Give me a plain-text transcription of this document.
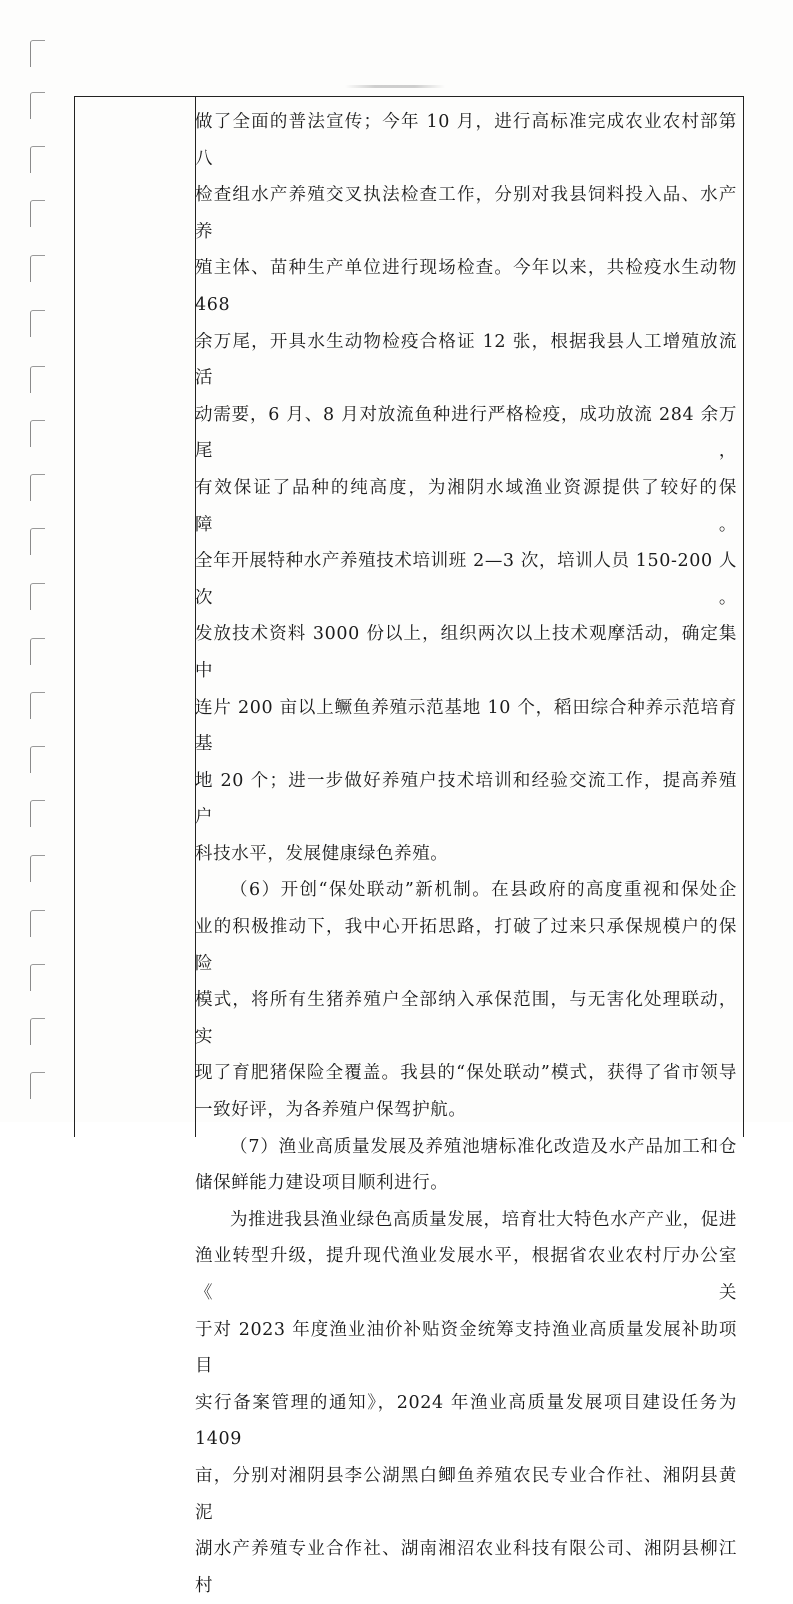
做了全面的普法宣传；今年 10 月，进行高标准完成农业农村部第八

检查组水产养殖交叉执法检查工作，分别对我县饲料投入品、水产养

殖主体、苗种生产单位进行现场检查。今年以来，共检疫水生动物 468

余万尾，开具水生动物检疫合格证 12 张，根据我县人工增殖放流活

动需要，6 月、8 月对放流鱼种进行严格检疫，成功放流 284 余万尾，

有效保证了品种的纯高度，为湘阴水域渔业资源提供了较好的保障。

全年开展特种水产养殖技术培训班 2—3 次，培训人员 150-200 人次。

发放技术资料 3000 份以上，组织两次以上技术观摩活动，确定集中

连片 200 亩以上鳜鱼养殖示范基地 10 个，稻田综合种养示范培育基

地 20 个；进一步做好养殖户技术培训和经验交流工作，提高养殖户

科技水平，发展健康绿色养殖。

（6）开创“保处联动”新机制。在县政府的高度重视和保处企

业的积极推动下，我中心开拓思路，打破了过来只承保规模户的保险

模式，将所有生猪养殖户全部纳入承保范围，与无害化处理联动，实

现了育肥猪保险全覆盖。我县的“保处联动”模式，获得了省市领导

一致好评，为各养殖户保驾护航。

（7）渔业高质量发展及养殖池塘标准化改造及水产品加工和仓

储保鲜能力建设项目顺利进行。

为推进我县渔业绿色高质量发展，培育壮大特色水产产业，促进

渔业转型升级，提升现代渔业发展水平，根据省农业农村厅办公室《关

于对 2023 年度渔业油价补贴资金统筹支持渔业高质量发展补助项目

实行备案管理的通知》，2024 年渔业高质量发展项目建设任务为 1409

亩，分别对湘阴县李公湖黑白鲫鱼养殖农民专业合作社、湘阴县黄泥

湖水产养殖专业合作社、湖南湘沼农业科技有限公司、湘阴县柳江村
